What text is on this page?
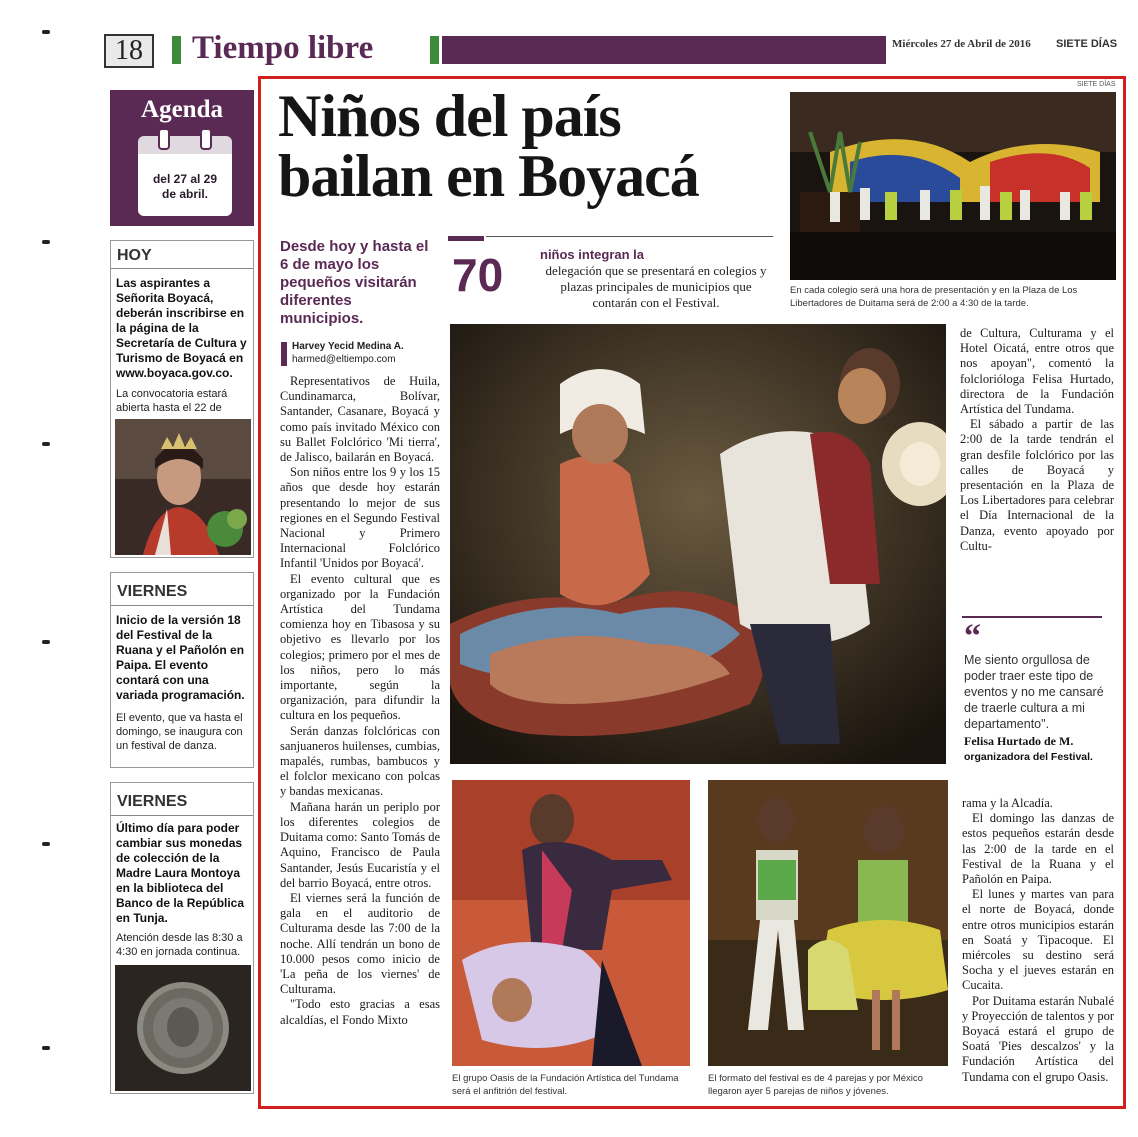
18	Tiempo libre	Miércoles 27 de Abril de 2016 SIETE DÍAS
Agenda
del 27 al 29
de abril.
HOY
Las aspirantes a Señorita Boyacá, deberán inscribirse en la página de la Secretaría de Cultura y Turismo de Boyacá en www.boyaca.gov.co.
La convocatoria estará abierta hasta el 22 de
VIERNES
Inicio de la versión 18 del Festival de la Ruana y el Pañolón en Paipa. El evento contará con una variada programación.
El evento, que va hasta el domingo, se inaugura con un festival de danza.
VIERNES
Último día para poder cambiar sus monedas de colección de la Madre Laura Montoya en la biblioteca del Banco de la República en Tunja.
Atención desde las 8:30 a 4:30 en jornada continua.
SIETE DÍAS
Niños del país bailan en Boyacá
Desde hoy y hasta el 6 de mayo los pequeños visitarán diferentes municipios.
Harvey Yecid Medina A.
harmed@eltiempo.com

Representativos de Huila, Cundinamarca, Bolívar, Santander, Casanare, Boyacá y como país invitado México con su Ballet Folclórico 'Mi tierra', de Jalisco, bailarán en Boyacá.

Son niños entre los 9 y los 15 años que desde hoy estarán presentando lo mejor de sus regiones en el Segundo Festival Nacional y Primero Internacional Folclórico Infantil 'Unidos por Boyacá'.

El evento cultural que es organizado por la Fundación Artística del Tundama comienza hoy en Tibasosa y su objetivo es llevarlo por los colegios; primero por el mes de los niños, pero lo más importante, según la organización, para difundir la cultura en los pequeños.

Serán danzas folclóricas con sanjuaneros huilenses, cumbias, mapalés, rumbas, bambucos y el folclor mexicano con polcas y bandas mexicanas.

Mañana harán un periplo por los diferentes colegios de Duitama como: Santo Tomás de Aquino, Francisco de Paula Santander, Jesús Eucaristía y el del barrio Boyacá, entre otros.

El viernes será la función de gala en el auditorio de Culturama desde las 7:00 de la noche. Allí tendrán un bono de 10.000 pesos como inicio de 'La peña de los viernes' de Culturama.

"Todo esto gracias a esas alcaldías, el Fondo Mixto

70	niños integran la
delegación que se presentará en colegios y plazas principales de municipios que contarán con el Festival.
En cada colegio será una hora de presentación y en la Plaza de Los Libertadores de Duitama será de 2:00 a 4:30 de la tarde.

de Cultura, Culturama y el Hotel Oicatá, entre otros que nos apoyan", comentó la folclorióloga Felisa Hurtado, directora de la Fundación Artística del Tundama.

El sábado a partir de las 2:00 de la tarde tendrán el gran desfile folclórico por las calles de Boyacá y presentación en la Plaza de Los Libertadores para celebrar el Día Internacional de la Danza, evento apoyado por Cultu-

“
Me siento orgullosa de poder traer este tipo de eventos y no me cansaré de traerle cultura a mi departamento".
Felisa Hurtado de M.
organizadora del Festival.
El grupo Oasis de la Fundación Artística del Tundama será el anfitrión del festival.
El formato del festival es de 4 parejas y por México llegaron ayer 5 parejas de niños y jóvenes.

rama y la Alcadía.

El domingo las danzas de estos pequeños estarán desde las 2:00 de la tarde en el Festival de la Ruana y el Pañolón en Paipa.

El lunes y martes van para el norte de Boyacá, donde entre otros municipios estarán en Soatá y Tipacoque. El miércoles su destino será Socha y el jueves estarán en Cucaita.

Por Duitama estarán Nubalé y Proyección de talentos y por Boyacá estará el grupo de Soatá 'Pies descalzos' y la Fundación Artística del Tundama con el grupo Oasis.
